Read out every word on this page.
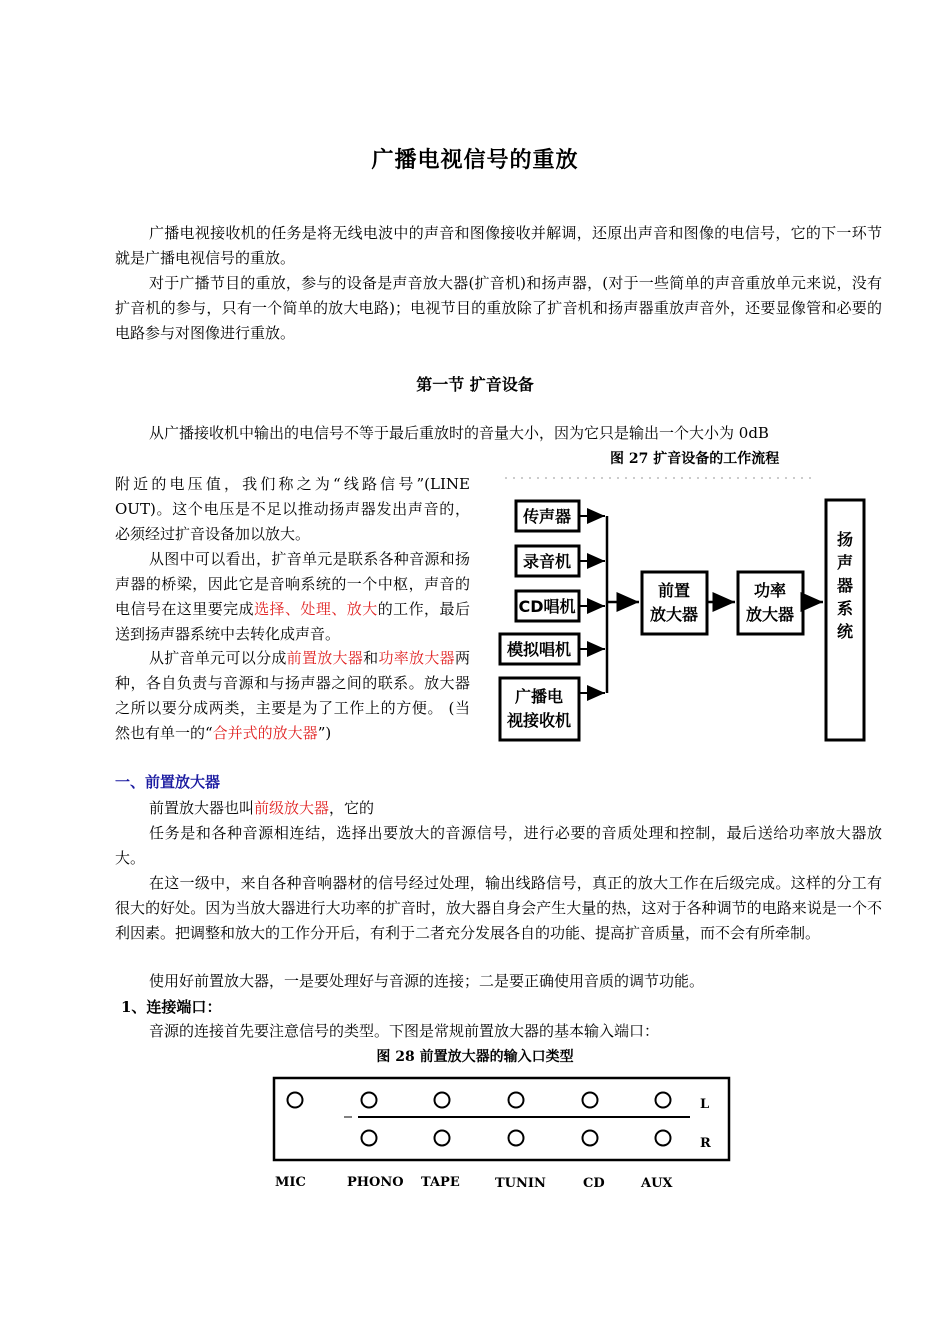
广播电视信号的重放
广播电视接收机的任务是将无线电波中的声音和图像接收并解调，还原出声音和图像的电信号，它的下一环节就是广播电视信号的重放。
对于广播节目的重放，参与的设备是声音放大器(扩音机)和扬声器，(对于一些简单的声音重放单元来说，没有扩音机的参与，只有一个简单的放大电路)；电视节目的重放除了扩音机和扬声器重放声音外，还要显像管和必要的电路参与对图像进行重放。
第一节 扩音设备
从广播接收机中输出的电信号不等于最后重放时的音量大小，因为它只是输出一个大小为 0dB
图 27 扩音设备的工作流程
附近的电压值，我们称之为“线路信号”(LINE OUT)。这个电压是不足以推动扬声器发出声音的，必须经过扩音设备加以放大。
从图中可以看出，扩音单元是联系各种音源和扬声器的桥梁，因此它是音响系统的一个中枢，声音的电信号在这里要完成选择、处理、放大的工作，最后送到扬声器系统中去转化成声音。
从扩音单元可以分成前置放大器和功率放大器两种，各自负责与音源和与扬声器之间的联系。放大器之所以要分成两类，主要是为了工作上的方便。 (当然也有单一的“合并式的放大器”)
传声器
录音机
CD唱机
模拟唱机
广播电
视接收机
前置
放大器
功率
放大器
扬
声
器
系
统
一、前置放大器
前置放大器也叫前级放大器，它的
任务是和各种音源相连结，选择出要放大的音源信号，进行必要的音质处理和控制，最后送给功率放大器放大。
在这一级中，来自各种音响器材的信号经过处理，输出线路信号，真正的放大工作在后级完成。这样的分工有很大的好处。因为当放大器进行大功率的扩音时，放大器自身会产生大量的热，这对于各种调节的电路来说是一个不利因素。把调整和放大的工作分开后，有利于二者充分发展各自的功能、提高扩音质量，而不会有所牵制。
使用好前置放大器，一是要处理好与音源的连接；二是要正确使用音质的调节功能。
1、连接端口：
音源的连接首先要注意信号的类型。下图是常规前置放大器的基本输入端口：
图 28 前置放大器的输入口类型
L
R
MIC	PHONO TAPE	TUNIN	CD	AUX
